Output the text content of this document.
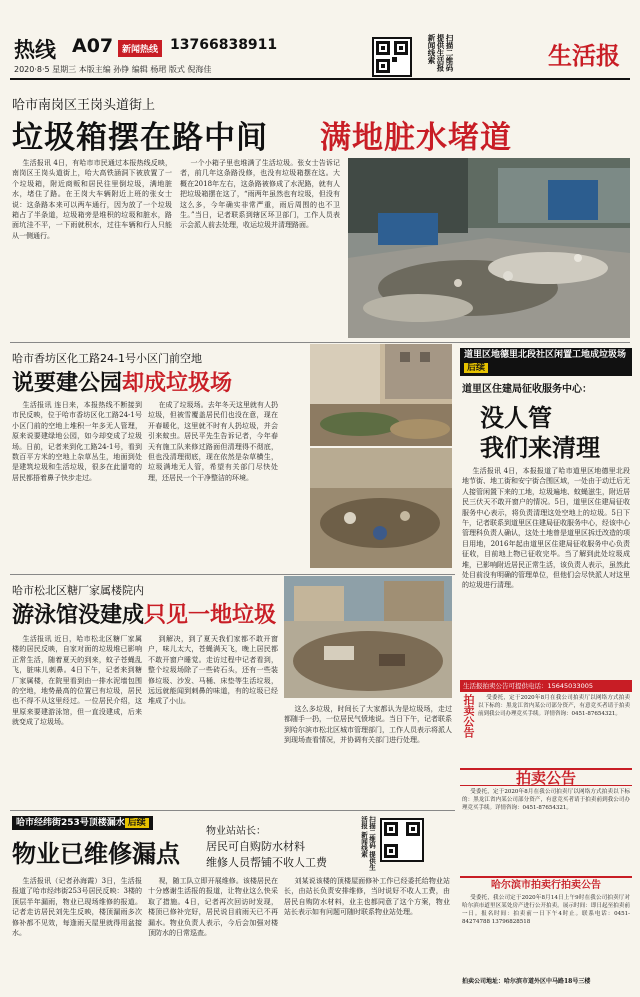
热线 A07 新闻热线 13766838911
2020·8·5 星期三 本版主编 孙铮 编辑 杨珺 版式 倪海佳	扫描二维码 提供生活报 新闻线索	生活报
哈市南岗区王岗头道街上
垃圾箱摆在路中间 满地脏水堵道

生活报讯 4日，有哈市市民通过本报热线反映，南岗区王岗头道街上，哈大高铁涵洞下被放置了一个垃圾箱，附近商贩和居民往里倒垃圾，满地脏水，堵住了路。在王岗大车辆附近上班的张女士说：这条路本来可以两车通行，因为放了一个垃圾箱占了半条道，垃圾箱旁是堆积的垃圾和脏水，路面坑洼不平，一下雨就积水，过往车辆和行人只能从一侧通行。

一个小箱子里也堆满了生活垃圾。张女士告诉记者，前几年这条路没修，也没有垃圾箱摆在这。大概在2018年左右，这条路被修成了水泥路，就有人把垃圾箱摆在这了，“雨两年虽然也有垃圾，但没有这么多，今年确实非常严重，雨后周围的也不卫生。”当日，记者联系到辖区环卫部门，工作人员表示会派人前去处理，收运垃圾并清理路面。

哈市香坊区化工路24-1号小区门前空地
说要建公园却成垃圾场

生活报讯 连日来，本报热线不断接到市民反映，位于哈市香坊区化工路24-1号小区门前的空地上堆积一年多无人管理，原来说要建绿地公园，如今却变成了垃圾场。日前，记者来到化工路24-1号，看到数百平方米的空地上杂草丛生，地面到处是建筑垃圾和生活垃圾，很多在此遛弯的居民都捂着鼻子快步走过。

在成了垃圾场。去年冬天这里就有人扔垃圾，但被雪覆盖居民们也没在意，现在开春暖化，这里就不时有人扔垃圾，并会引来蚊虫。居民平先生告诉记者，今年春天有施工队来修过路面但清理得不彻底，但也没清理彻底，现在依然是杂草横生，垃圾满地无人管，希望有关部门尽快处理，还居民一个干净整洁的环境。

道里区地德里北段社区闲置工地成垃圾场后续
道里区住建局征收服务中心：
没人管
我们来清理

生活报讯 4日，本报报道了哈市道里区地德里北段地节街、地工街和安宁街合围区域，一处由于动迁后无人接管闲置下来的工地，垃圾遍地、蚊蝇滋生，附近居民三伏天不敢开窗户的情况。5日，道里区住建局征收服务中心表示，将负责清理这处空地上的垃圾。5日下午，记者联系到道里区住建局征收服务中心，经该中心管理科负责人确认，这处土地曾是道里区拆迁改造的项目用地，2016年起由道里区住建局征收服务中心负责征收，目前地上物已征收完毕。当了解到此处垃圾成堆，已影响附近居民正常生活，该负责人表示，虽然此处目前没有明确的管理单位，但他们会尽快派人对这里的垃圾进行清理。

哈市松北区糖厂家属楼院内
游泳馆没建成只见一地垃圾

生活报讯 近日，哈市松北区糖厂家属楼的居民反映，自家对面的垃圾堆已影响正常生活，随着夏天的到来，蚊子苍蝇乱飞，脏味儿刺鼻。4日下午，记者来到糖厂家属楼，在院里看到由一排水泥墙包围的空地，地势最高的位置已有垃圾，居民也不得不从这里经过。一位居民介绍，这里原来要建游泳馆，但一直没建成，后来就变成了垃圾场。

到解决，到了夏天我们家都不敢开窗户，味儿太大，苍蝇满天飞，晚上居民都不敢开窗户睡觉。走访过程中记者看到，整个垃圾场除了一些砖石头，还有一些装修垃圾、沙发、马桶、床垫等生活垃圾，远远就能闻到刺鼻的味道，有的垃圾已经堆成了小山。

这么多垃圾，时间长了大家都认为是垃圾场，走过都随手一扔，一位居民气愤地说。当日下午，记者联系到哈尔滨市松北区城市管理部门，工作人员表示将派人到现场查看情况，并协调有关部门进行处理。

生活报拍卖公告可提供电话：15645033005
拍卖公告	受委托，定于2020年8月在我公司拍卖厅以网络方式拍卖以下标的：黑龙江省内某公司部分资产，有意竞买者请于拍卖前到我公司办理竞买手续。详情咨询：0451-87654321。

拍卖公告

受委托，定于2020年8月在我公司拍卖厅以网络方式拍卖以下标的：黑龙江省内某公司部分资产，有意竞买者请于拍卖前到我公司办理竞买手续。详情咨询：0451-87654321。

哈尔滨市拍卖行拍卖公告

受委托，我公司定于2020年8月14日上午9时在我公司拍卖厅对哈尔滨市道里区某处房产进行公开拍卖。展示时间：即日起至拍卖前一日。报名时间：拍卖前一日下午4时止。联系电话：0451-84274788 13796828518

拍卖公司地址：哈尔滨市道外区中马路18号三楼
哈市经纬街253号顶楼漏水 后续
物业已维修漏点
物业站站长：
居民可自购防水材料
维修人员帮铺不收人工费	扫描二维码 提供生活报 新闻线索

生活报讯（记者孙海霞）3日，生活报报道了哈市经纬街253号居民反映：3楼的顶层半年漏雨，物业已现场维修的报道。记者走访居民刘先生反映，楼顶漏雨多次修补都不见效，每逢雨天屋里就得用盆接水。

视，随工队立即开展维修。该楼居民在十分感谢生活报的报道，让物业这么快采取了措施。4日，记者再次回访时发现，楼顶已修补完好，居民说目前雨天已不再漏水。物业负责人表示，今后会加强对楼顶防水的日常巡查。

刘某说该楼的顶楼屋面修补工作已经委托给物业站长，由站长负责安排维修，当时说好不收人工费，由居民自购防水材料，业主也都同意了这个方案，物业站长表示如有问题可随时联系物业站处理。
